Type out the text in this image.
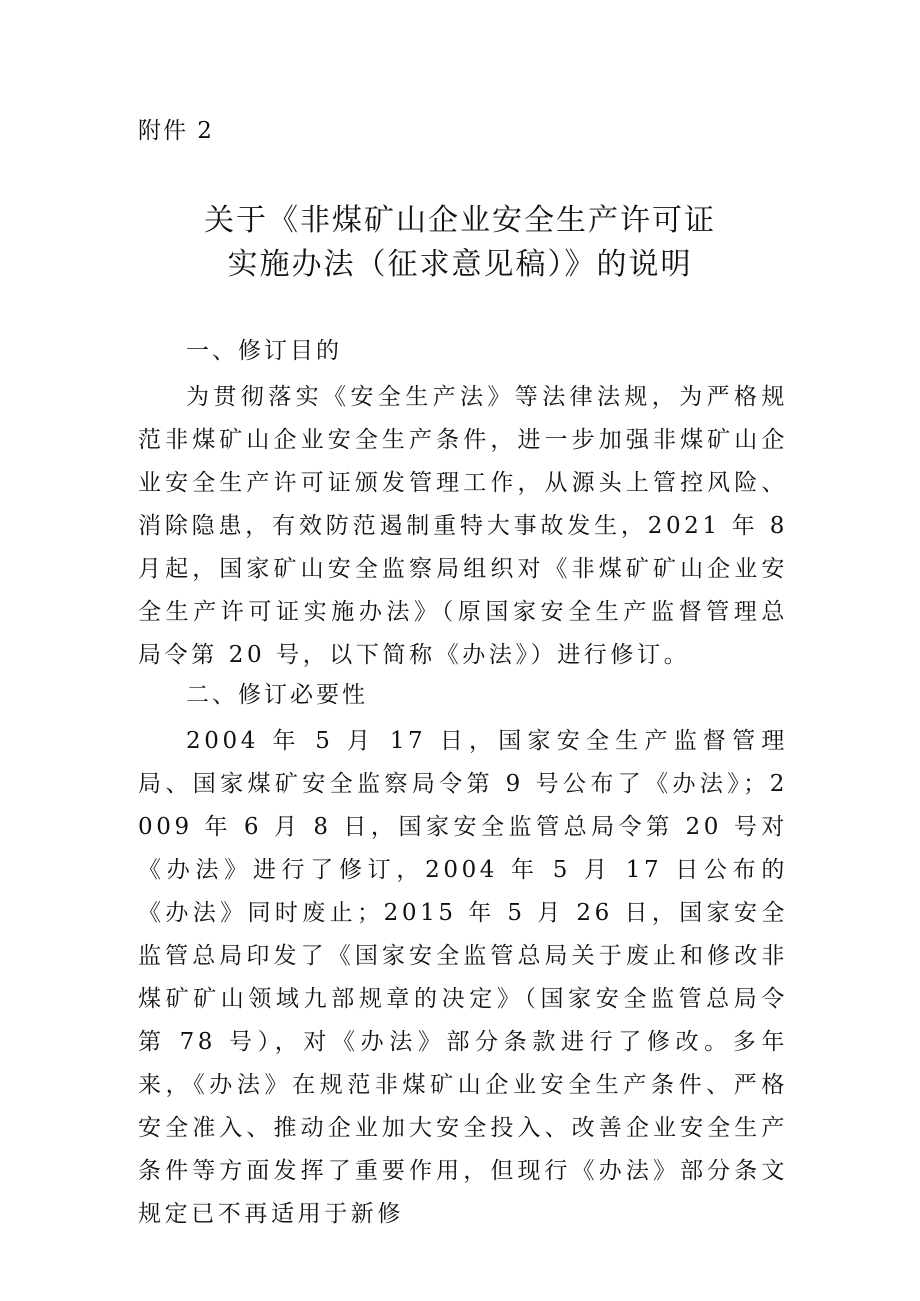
附件 2
关于《非煤矿山企业安全生产许可证
实施办法（征求意见稿）》的说明
一、修订目的

为贯彻落实《安全生产法》等法律法规，为严格规范非煤矿山企业安全生产条件，进一步加强非煤矿山企业安全生产许可证颁发管理工作，从源头上管控风险、消除隐患，有效防范遏制重特大事故发生，2021 年 8 月起，国家矿山安全监察局组织对《非煤矿矿山企业安全生产许可证实施办法》（原国家安全生产监督管理总局令第 20 号，以下简称《办法》）进行修订。

二、修订必要性

2004 年 5 月 17 日，国家安全生产监督管理局、国家煤矿安全监察局令第 9 号公布了《办法》；2009 年 6 月 8 日，国家安全监管总局令第 20 号对《办法》进行了修订，2004 年 5 月 17 日公布的《办法》同时废止；2015 年 5 月 26 日，国家安全监管总局印发了《国家安全监管总局关于废止和修改非煤矿矿山领域九部规章的决定》（国家安全监管总局令第 78 号），对《办法》部分条款进行了修改。多年来，《办法》在规范非煤矿山企业安全生产条件、严格安全准入、推动企业加大安全投入、改善企业安全生产条件等方面发挥了重要作用，但现行《办法》部分条文规定已不再适用于新修
